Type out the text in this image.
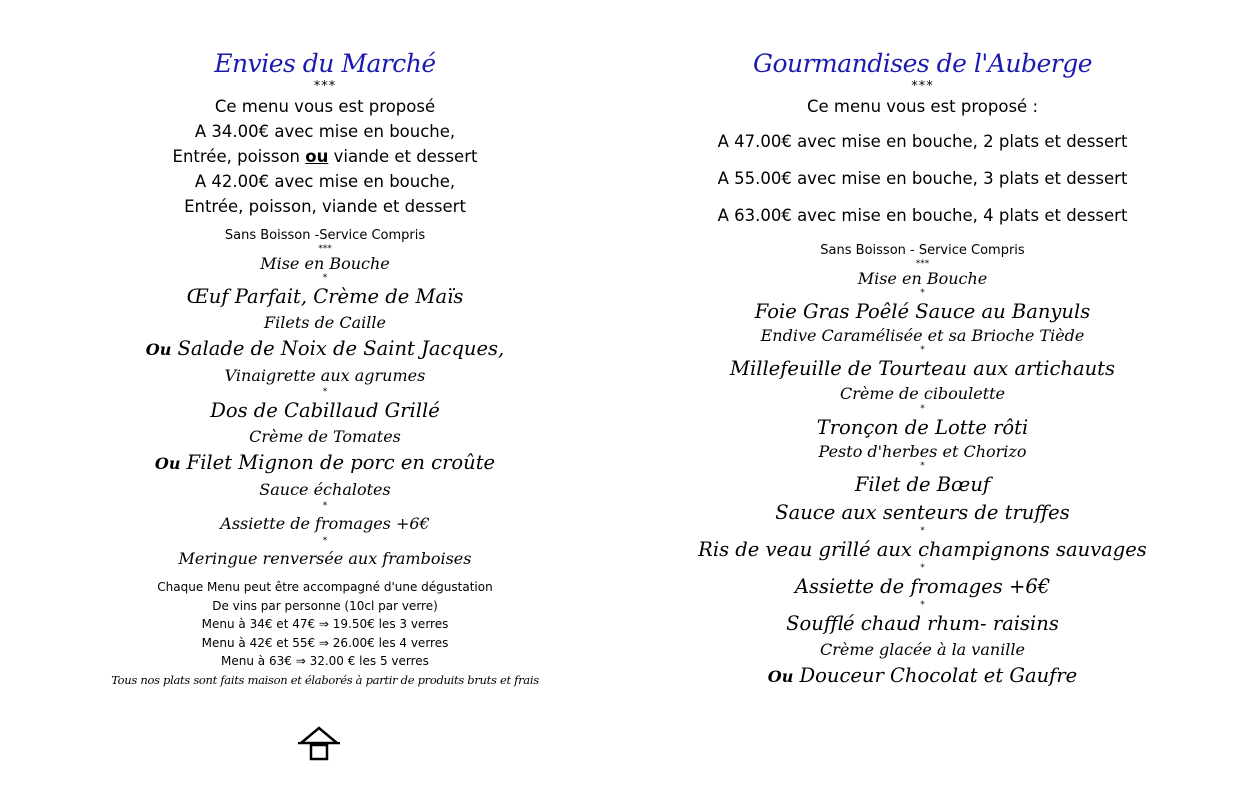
Envies du Marché
***
Ce menu vous est proposé
A 34.00€ avec mise en bouche,
Entrée, poisson ou viande et dessert
A 42.00€ avec mise en bouche,
Entrée, poisson, viande et dessert
Sans Boisson -Service Compris
***
Mise en Bouche
*
Œuf Parfait, Crème de Maïs
Filets de Caille
Ou Salade de Noix de Saint Jacques,
Vinaigrette aux agrumes
*
Dos de Cabillaud Grillé
Crème de Tomates
Ou Filet Mignon de porc en croûte
Sauce échalotes
*
Assiette de fromages +6€
*
Meringue renversée aux framboises
Chaque Menu peut être accompagné d'une dégustation
De vins par personne (10cl par verre)
Menu à 34€ et 47€ ⇒ 19.50€ les 3 verres
Menu à 42€ et 55€ ⇒ 26.00€ les 4 verres
Menu à 63€ ⇒ 32.00 € les 5 verres
Tous nos plats sont faits maison et élaborés à partir de produits bruts et frais
Gourmandises de l'Auberge
***
Ce menu vous est proposé :
A 47.00€ avec mise en bouche, 2 plats et dessert
A 55.00€ avec mise en bouche, 3 plats et dessert
A 63.00€ avec mise en bouche, 4 plats et dessert
Sans Boisson - Service Compris
***
Mise en Bouche
*
Foie Gras Poêlé Sauce au Banyuls
Endive Caramélisée et sa Brioche Tiède
*
Millefeuille de Tourteau aux artichauts
Crème de ciboulette
*
Tronçon de Lotte rôti
Pesto d'herbes et Chorizo
*
Filet de Bœuf
Sauce aux senteurs de truffes
*
Ris de veau grillé aux champignons sauvages
*
Assiette de fromages +6€
*
Soufflé chaud rhum- raisins
Crème glacée à la vanille
Ou Douceur Chocolat et Gaufre
